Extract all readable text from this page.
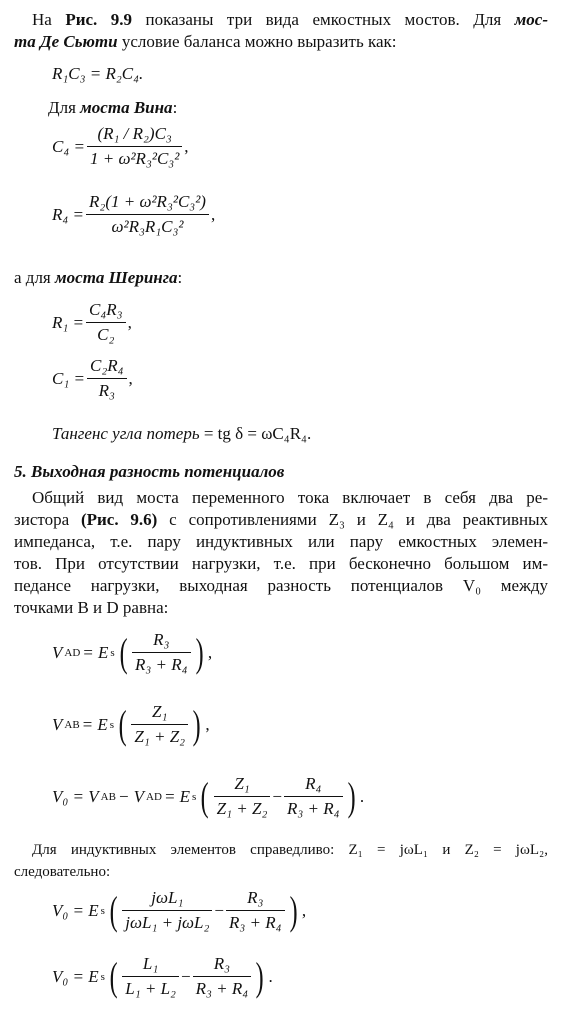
На Рис. 9.9 показаны три вида емкостных мостов. Для мос-
та Де Сьюти условие баланса можно выразить как:
R₁C₃ = R₂C₄.
Для моста Вина:
$C_4 = \frac{\text{(R₁ / R₂)C₃}}{\text{1 + ω²R₃²C₃²}}$ ,
$R_4 = \frac{\text{R₂(1 + ω²R₃²C₃²)}}{\text{ω²R₃R₁C₃²}}$ ,
а для моста Шеринга:
$R_1 = \frac{\text{C₄R₃}}{\text{C₂}}$ ,
$C_1 = \frac{\text{C₂R₄}}{\text{R₃}}$ ,
Тангенс угла потерь = tg δ = ωC₄R₄.
5. Выходная разность потенциалов
Общий вид моста переменного тока включает в себя два ре-
зистора (Рис. 9.6) с сопротивлениями Z₃ и Z₄ и два реактивных
импеданса, т.е. пару индуктивных или пару емкостных элемен-
тов. При отсутствии нагрузки, т.е. при бесконечно большом им-
педансе нагрузки, выходная разность потенциалов V₀ между
точками B и D равна:
V AD = E s ( $\frac{\text{R₃}}{\text{R₃ + R₄}}$ ) ,
V AB = E s ( $\frac{\text{Z₁}}{\text{Z₁ + Z₂}}$ ) ,
V₀ = V AB − V AD = E s ( $\frac{\text{Z₁}}{\text{Z₁ + Z₂}} - \frac{\text{R₄}}{\text{R₃ + R₄}}$ ) .
Для индуктивных элементов справедливо: Z₁ = jωL₁ и Z₂ = jωL₂,
следовательно:
V₀ = E s ( $\frac{\text{jωL₁}}{\text{jωL₁ + jωL₂}} - \frac{\text{R₃}}{\text{R₃ + R₄}}$ ) ,
V₀ = E s ( $\frac{\text{L₁}}{\text{L₁ + L₂}} - \frac{\text{R₃}}{\text{R₃ + R₄}}$ ) .
